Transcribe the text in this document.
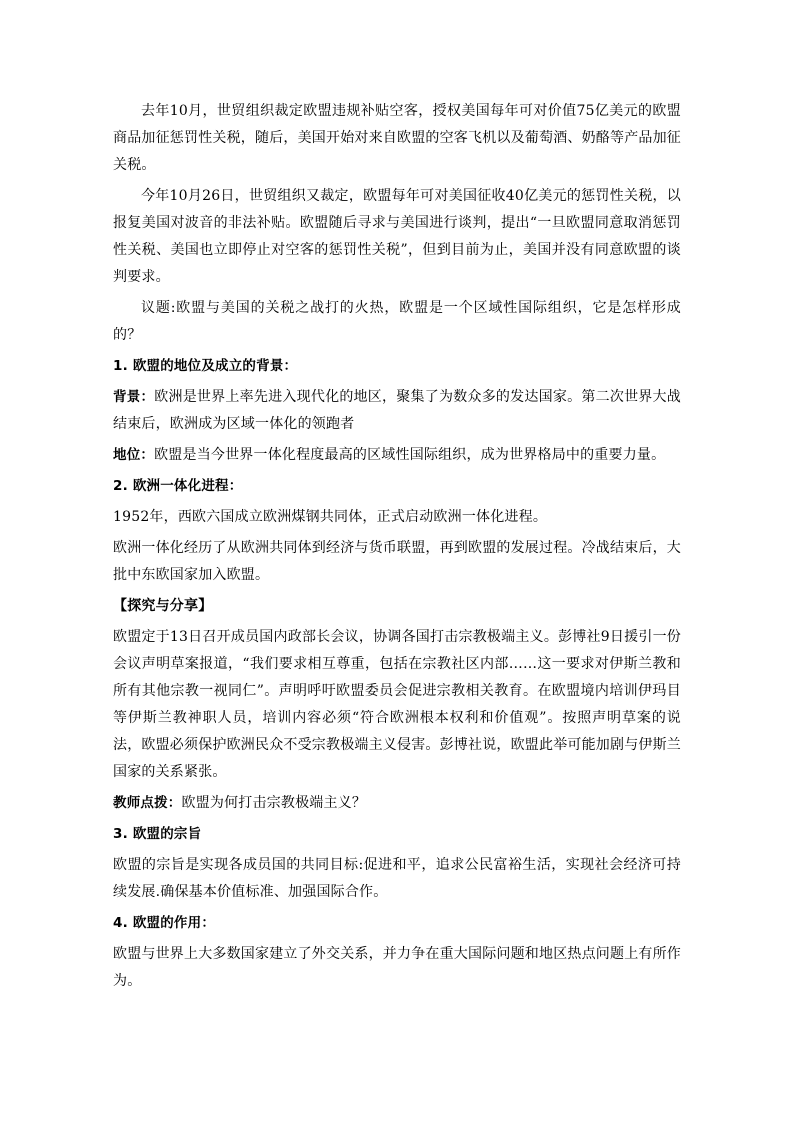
去年10月，世贸组织裁定欧盟违规补贴空客，授权美国每年可对价值75亿美元的欧盟商品加征惩罚性关税，随后，美国开始对来自欧盟的空客飞机以及葡萄酒、奶酪等产品加征关税。

今年10月26日，世贸组织又裁定，欧盟每年可对美国征收40亿美元的惩罚性关税，以报复美国对波音的非法补贴。欧盟随后寻求与美国进行谈判，提出“一旦欧盟同意取消惩罚性关税、美国也立即停止对空客的惩罚性关税”，但到目前为止，美国并没有同意欧盟的谈判要求。

议题:欧盟与美国的关税之战打的火热，欧盟是一个区域性国际组织，它是怎样形成的？

1. 欧盟的地位及成立的背景：

背景：欧洲是世界上率先进入现代化的地区，聚集了为数众多的发达国家。第二次世界大战结束后，欧洲成为区域一体化的领跑者

地位：欧盟是当今世界一体化程度最高的区域性国际组织，成为世界格局中的重要力量。

2. 欧洲一体化进程：

1952年，西欧六国成立欧洲煤钢共同体，正式启动欧洲一体化进程。

欧洲一体化经历了从欧洲共同体到经济与货币联盟，再到欧盟的发展过程。冷战结束后，大批中东欧国家加入欧盟。

【探究与分享】

欧盟定于13日召开成员国内政部长会议，协调各国打击宗教极端主义。彭博社9日援引一份会议声明草案报道，“我们要求相互尊重，包括在宗教社区内部……这一要求对伊斯兰教和所有其他宗教一视同仁”。声明呼吁欧盟委员会促进宗教相关教育。在欧盟境内培训伊玛目等伊斯兰教神职人员，培训内容必须“符合欧洲根本权利和价值观”。按照声明草案的说法，欧盟必须保护欧洲民众不受宗教极端主义侵害。彭博社说，欧盟此举可能加剧与伊斯兰国家的关系紧张。

教师点拨：欧盟为何打击宗教极端主义？

3. 欧盟的宗旨

欧盟的宗旨是实现各成员国的共同目标:促进和平，追求公民富裕生活，实现社会经济可持续发展.确保基本价值标准、加强国际合作。

4. 欧盟的作用：

欧盟与世界上大多数国家建立了外交关系，并力争在重大国际问题和地区热点问题上有所作为。
